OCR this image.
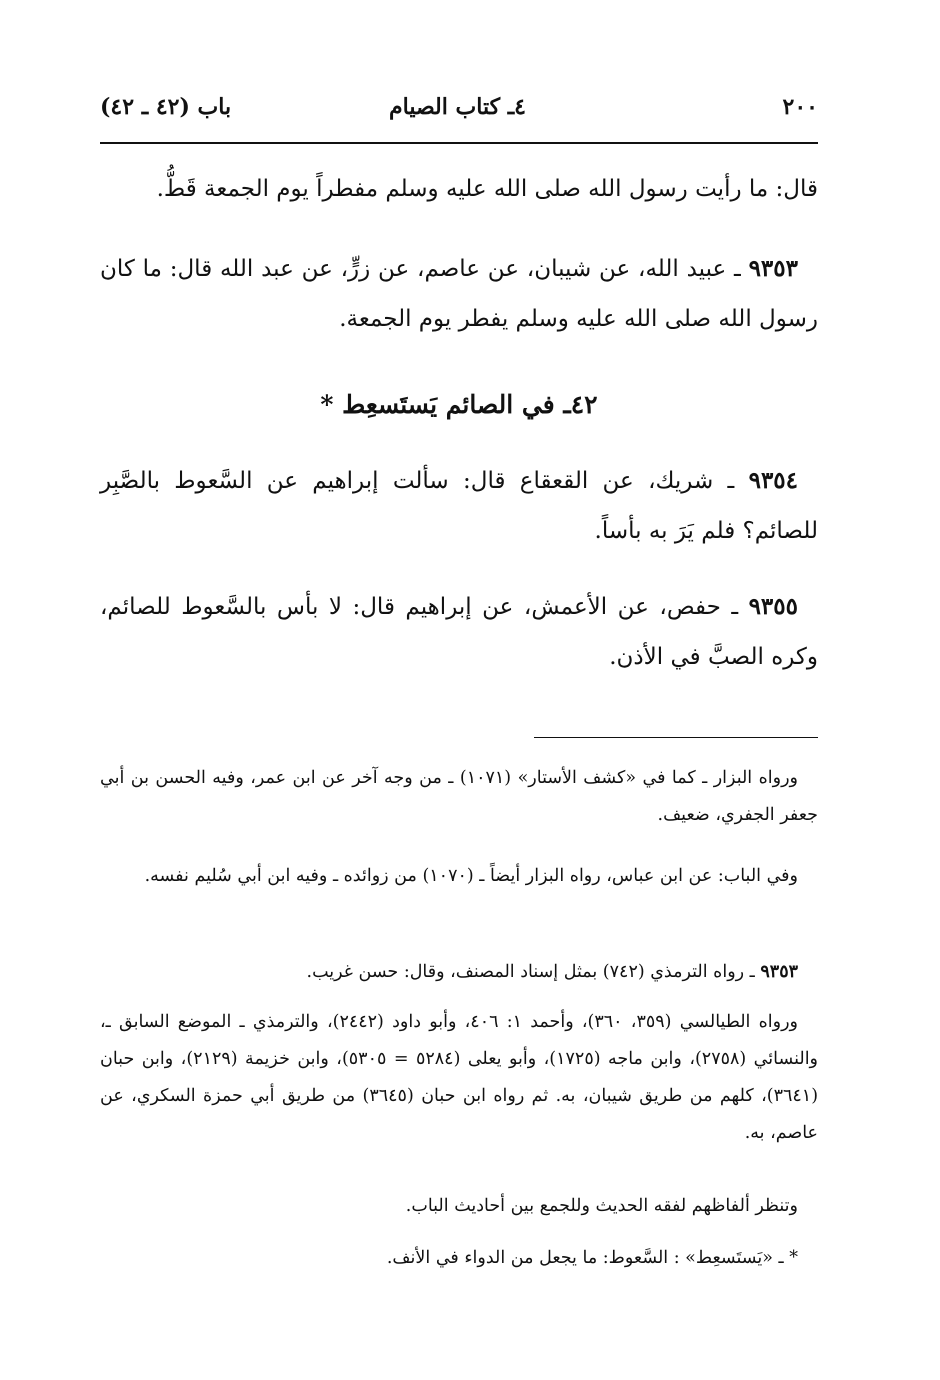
٢٠٠
٤ـ كتاب الصيام
باب (٤٢ ـ ٤٢)

قال: ما رأيت رسول الله صلى الله عليه وسلم مفطراً يوم الجمعة قَطُّ.

٩٣٥٣ ـ عبيد الله، عن شيبان، عن عاصم، عن زرٍّ، عن عبد الله قال: ما كان رسول الله صلى الله عليه وسلم يفطر يوم الجمعة.

٤٢ـ في الصائم يَستَسعِط *

٩٣٥٤ ـ شريك، عن القعقاع قال: سألت إبراهيم عن السَّعوط بالصَّبِر للصائم؟ فلم يَرَ به بأساً.

٩٣٥٥ ـ حفص، عن الأعمش، عن إبراهيم قال: لا بأس بالسَّعوط للصائم، وكره الصبَّ في الأذن.

ورواه البزار ـ كما في «كشف الأستار» (١٠٧١) ـ من وجه آخر عن ابن عمر، وفيه الحسن بن أبي جعفر الجفري، ضعيف.

وفي الباب: عن ابن عباس، رواه البزار أيضاً ـ (١٠٧٠) من زوائده ـ وفيه ابن أبي سُليم نفسه.

٩٣٥٣ ـ رواه الترمذي (٧٤٢) بمثل إسناد المصنف، وقال: حسن غريب.

ورواه الطيالسي (٣٥٩، ٣٦٠)، وأحمد ١: ٤٠٦، وأبو داود (٢٤٤٢)، والترمذي ـ الموضع السابق ـ، والنسائي (٢٧٥٨)، وابن ماجه (١٧٢٥)، وأبو يعلى (٥٢٨٤ = ٥٣٠٥)، وابن خزيمة (٢١٢٩)، وابن حبان (٣٦٤١)، كلهم من طريق شيبان، به. ثم رواه ابن حبان (٣٦٤٥) من طريق أبي حمزة السكري، عن عاصم، به.

وتنظر ألفاظهم لفقه الحديث وللجمع بين أحاديث الباب.

* ـ «يَستَسعِط» : السَّعوط: ما يجعل من الدواء في الأنف.
